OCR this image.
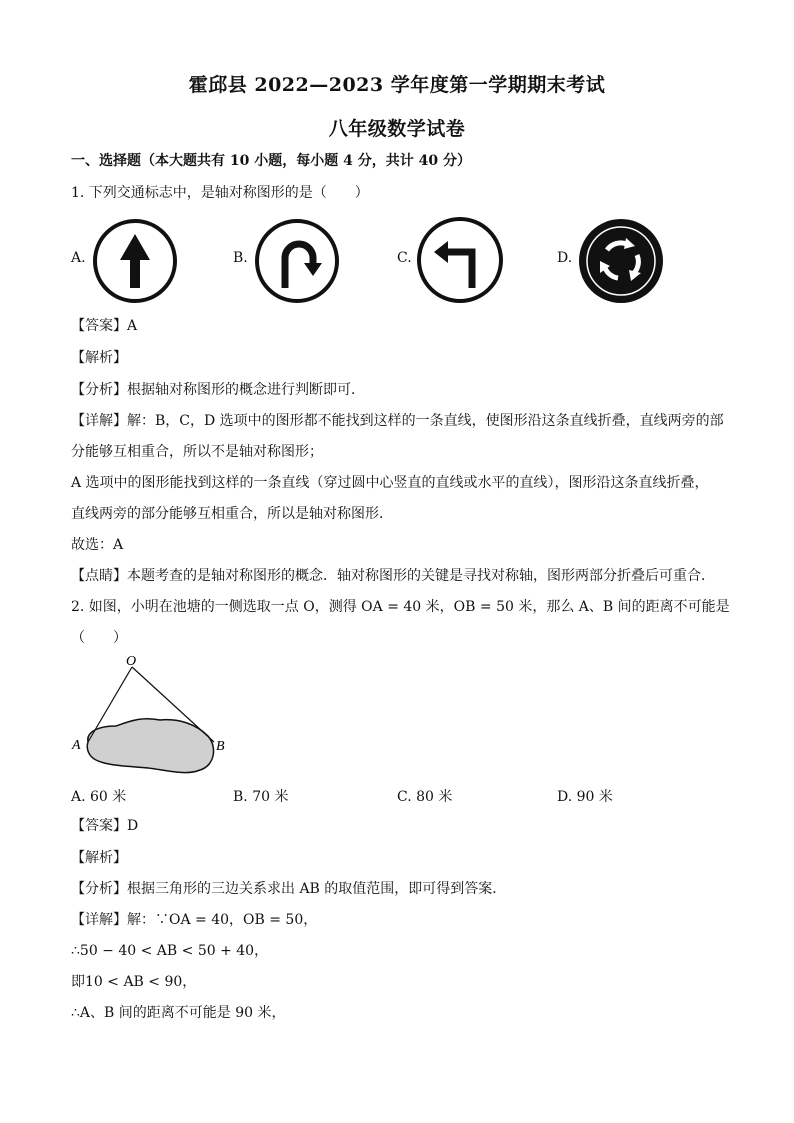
霍邱县 2022—2023 学年度第一学期期末考试
八年级数学试卷
一、选择题（本大题共有 10 小题，每小题 4 分，共计 40 分）
1. 下列交通标志中，是轴对称图形的是（　　）
A.	B.	C.	D.
【答案】A
【解析】
【分析】根据轴对称图形的概念进行判断即可．
【详解】解：B，C，D 选项中的图形都不能找到这样的一条直线，使图形沿这条直线折叠，直线两旁的部
分能够互相重合，所以不是轴对称图形；
A 选项中的图形能找到这样的一条直线（穿过圆中心竖直的直线或水平的直线），图形沿这条直线折叠，
直线两旁的部分能够互相重合，所以是轴对称图形．
故选：A
【点睛】本题考查的是轴对称图形的概念．轴对称图形的关键是寻找对称轴，图形两部分折叠后可重合．
2. 如图，小明在池塘的一侧选取一点 O，测得 OA = 40 米，OB = 50 米，那么 A、B 间的距离不可能是
（　　）
O
A	B
A. 60 米	B. 70 米	C. 80 米	D. 90 米
【答案】D
【解析】
【分析】根据三角形的三边关系求出 AB 的取值范围，即可得到答案．
【详解】解：∵OA = 40，OB = 50，
∴50 − 40 < AB < 50 + 40，
即10 < AB < 90，
∴A、B 间的距离不可能是 90 米，
